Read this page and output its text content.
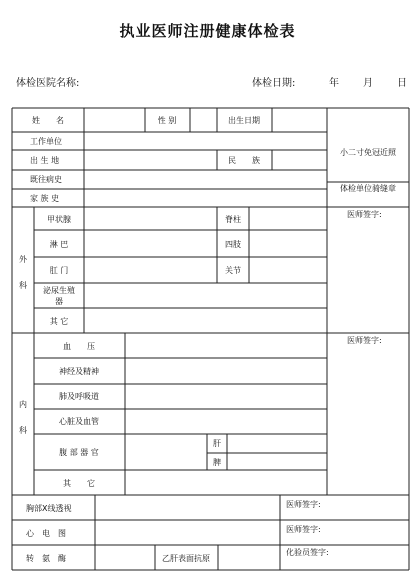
执业医师注册健康体检表
体检医院名称:	体检日期:	年 月 日
姓　　名	性 别	出生日期
工作单位
出 生 地	民　　族
既往病史
家 族 史
小二寸免冠近照
体检单位骑缝章
外
科
甲状腺	脊柱
淋 巴	四肢
肛 门	关节
泌尿生殖
器
其 它
医师签字:
内
科
血　　压
神经及精神
肺及呼吸道
心脏及血管
腹 部 器 官
肝
脾
其　　它
医师签字:
胸部X线透视	医师签字:
心　电　图	医师签字:
转　氨　酶	乙肝表面抗原
化验员签字:
